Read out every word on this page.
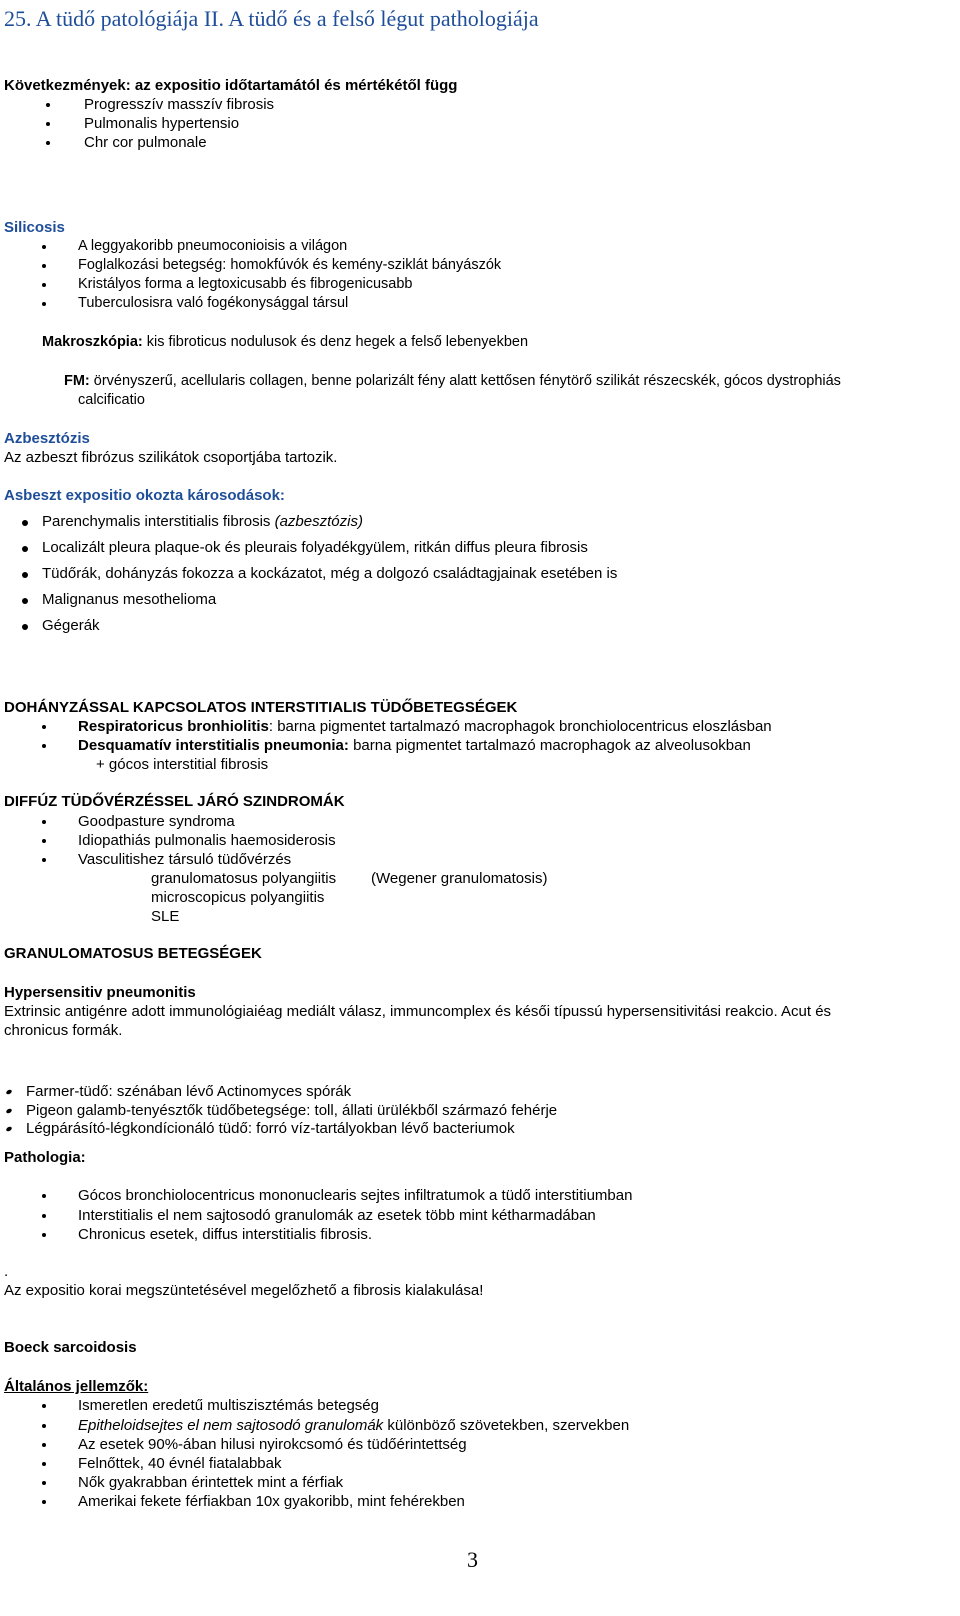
25. A tüdő patológiája II. A tüdő és a felső légut pathologiája
Következmények: az expositio időtartamától és mértékétől függ
Progresszív masszív fibrosis
Pulmonalis hypertensio
Chr cor pulmonale
Silicosis
A leggyakoribb pneumoconioisis a világon
Foglalkozási betegség: homokfúvók és kemény-sziklát bányászók
Kristályos forma a legtoxicusabb és fibrogenicusabb
Tuberculosisra való fogékonysággal társul
Makroszkópia: kis fibroticus nodulusok és denz hegek a felső lebenyekben
FM: örvényszerű, acellularis collagen, benne polarizált fény alatt kettősen fénytörő szilikát részecskék, gócos dystrophiás
calcificatio
Azbesztózis
Az azbeszt fibrózus szilikátok csoportjába tartozik.
Asbeszt expositio okozta károsodások:
Parenchymalis interstitialis fibrosis (azbesztózis)
Localizált pleura plaque-ok és pleurais folyadékgyülem, ritkán diffus pleura fibrosis
Tüdőrák, dohányzás fokozza a kockázatot, még a dolgozó családtagjainak esetében is
Malignanus mesothelioma
Gégerák
DOHÁNYZÁSSAL KAPCSOLATOS INTERSTITIALIS TÜDŐBETEGSÉGEK
Respiratoricus bronhiolitis: barna pigmentet tartalmazó macrophagok bronchiolocentricus eloszlásban
Desquamatív interstitialis pneumonia: barna pigmentet tartalmazó macrophagok az alveolusokban
+ gócos interstitial fibrosis
DIFFÚZ TÜDŐVÉRZÉSSEL JÁRÓ SZINDROMÁK
Goodpasture syndroma
Idiopathiás pulmonalis haemosiderosis
Vasculitishez társuló tüdővérzés
granulomatosus polyangiitis (Wegener granulomatosis)
microscopicus polyangiitis
SLE
GRANULOMATOSUS BETEGSÉGEK
Hypersensitiv pneumonitis
Extrinsic antigénre adott immunológiaiéag mediált válasz, immuncomplex és késői típussú hypersensitivitási reakcio. Acut és
chronicus formák.
Farmer-tüdő: szénában lévő Actinomyces spórák
Pigeon galamb-tenyésztők tüdőbetegsége: toll, állati ürülékből származó fehérje
Légpárásító-légkondícionáló tüdő: forró víz-tartályokban lévő bacteriumok
Pathologia:
Gócos bronchiolocentricus mononuclearis sejtes infiltratumok a tüdő interstitiumban
Interstitialis el nem sajtosodó granulomák az esetek több mint kétharmadában
Chronicus esetek, diffus interstitialis fibrosis.
.
Az expositio korai megszüntetésével megelőzhető a fibrosis kialakulása!
Boeck sarcoidosis
Általános jellemzők:
Ismeretlen eredetű multiszisztémás betegség
Epitheloidsejtes el nem sajtosodó granulomák különböző szövetekben, szervekben
Az esetek 90%-ában hilusi nyirokcsomó és tüdőérintettség
Felnőttek, 40 évnél fiatalabbak
Nők gyakrabban érintettek mint a férfiak
Amerikai fekete férfiakban 10x gyakoribb, mint fehérekben
3
